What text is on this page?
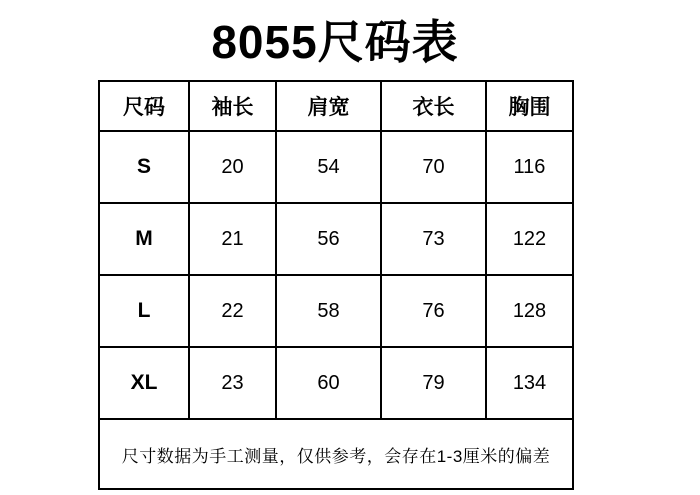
8055尺码表
尺码	袖长	肩宽	衣长	胸围
S	20	54	70	116
M	21	56	73	122
L	22	58	76	128
XL	23	60	79	134
尺寸数据为手工测量，仅供参考，会存在1-3厘米的偏差				
